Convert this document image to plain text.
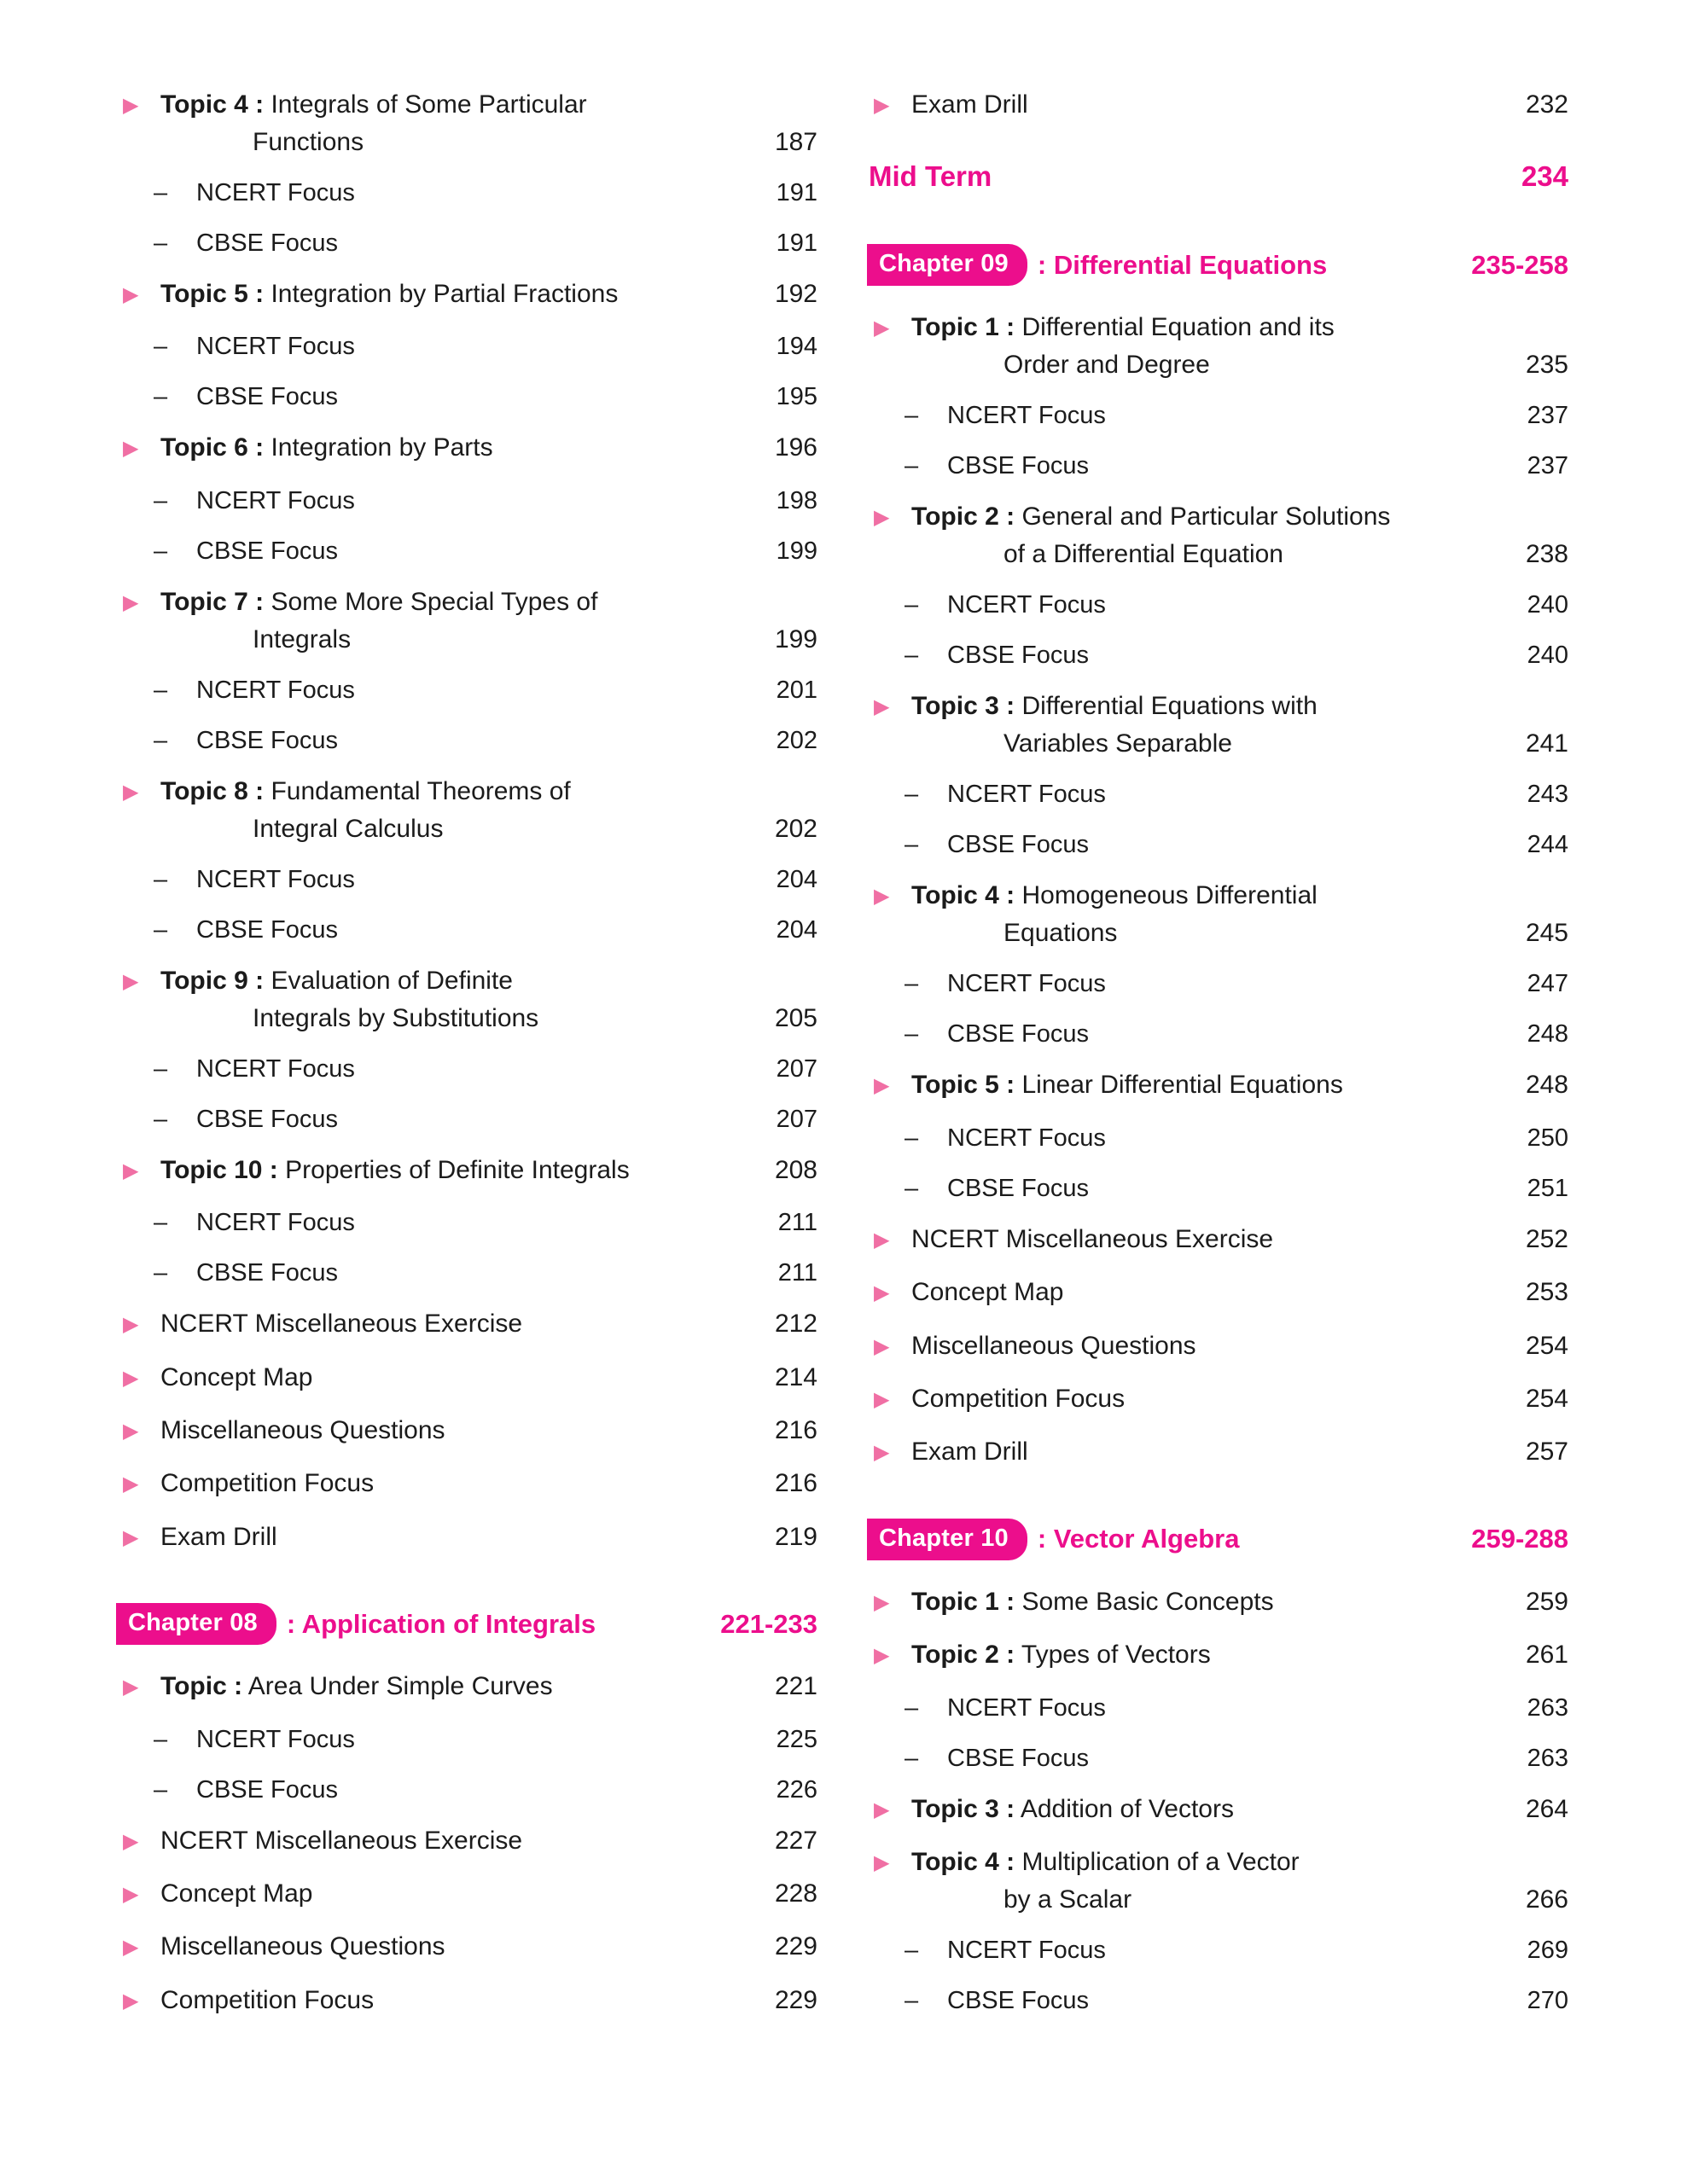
▶ Topic 4 : Integrals of Some Particular
Functions	187
–	NCERT Focus	191
–	CBSE Focus	191
▶ Topic 5 : Integration by Partial Fractions	192
–	NCERT Focus	194
–	CBSE Focus	195
▶ Topic 6 : Integration by Parts	196
–	NCERT Focus	198
–	CBSE Focus	199
▶ Topic 7 : Some More Special Types of
Integrals	199
–	NCERT Focus	201
–	CBSE Focus	202
▶ Topic 8 : Fundamental Theorems of
Integral Calculus	202
–	NCERT Focus	204
–	CBSE Focus	204
▶ Topic 9 : Evaluation of Definite
Integrals by Substitutions	205
–	NCERT Focus	207
–	CBSE Focus	207
▶ Topic 10 : Properties of Definite Integrals	208
–	NCERT Focus	211
–	CBSE Focus	211
▶ NCERT Miscellaneous Exercise	212
▶ Concept Map	214
▶ Miscellaneous Questions	216
▶ Competition Focus	216
▶ Exam Drill	219
Chapter 08	: Application of Integrals	221-233
▶ Topic : Area Under Simple Curves	221
–	NCERT Focus	225
–	CBSE Focus	226
▶ NCERT Miscellaneous Exercise	227
▶ Concept Map	228
▶ Miscellaneous Questions	229
▶ Competition Focus	229
▶ Exam Drill	232
Mid Term	234
Chapter 09	: Differential Equations	235-258
▶ Topic 1 : Differential Equation and its
Order and Degree	235
–	NCERT Focus	237
–	CBSE Focus	237
▶ Topic 2 : General and Particular Solutions
of a Differential Equation	238
–	NCERT Focus	240
–	CBSE Focus	240
▶ Topic 3 : Differential Equations with
Variables Separable	241
–	NCERT Focus	243
–	CBSE Focus	244
▶ Topic 4 : Homogeneous Differential
Equations	245
–	NCERT Focus	247
–	CBSE Focus	248
▶ Topic 5 : Linear Differential Equations	248
–	NCERT Focus	250
–	CBSE Focus	251
▶ NCERT Miscellaneous Exercise	252
▶ Concept Map	253
▶ Miscellaneous Questions	254
▶ Competition Focus	254
▶ Exam Drill	257
Chapter 10	: Vector Algebra	259-288
▶ Topic 1 : Some Basic Concepts	259
▶ Topic 2 : Types of Vectors	261
–	NCERT Focus	263
–	CBSE Focus	263
▶ Topic 3 : Addition of Vectors	264
▶ Topic 4 : Multiplication of a Vector
by a Scalar	266
–	NCERT Focus	269
–	CBSE Focus	270
